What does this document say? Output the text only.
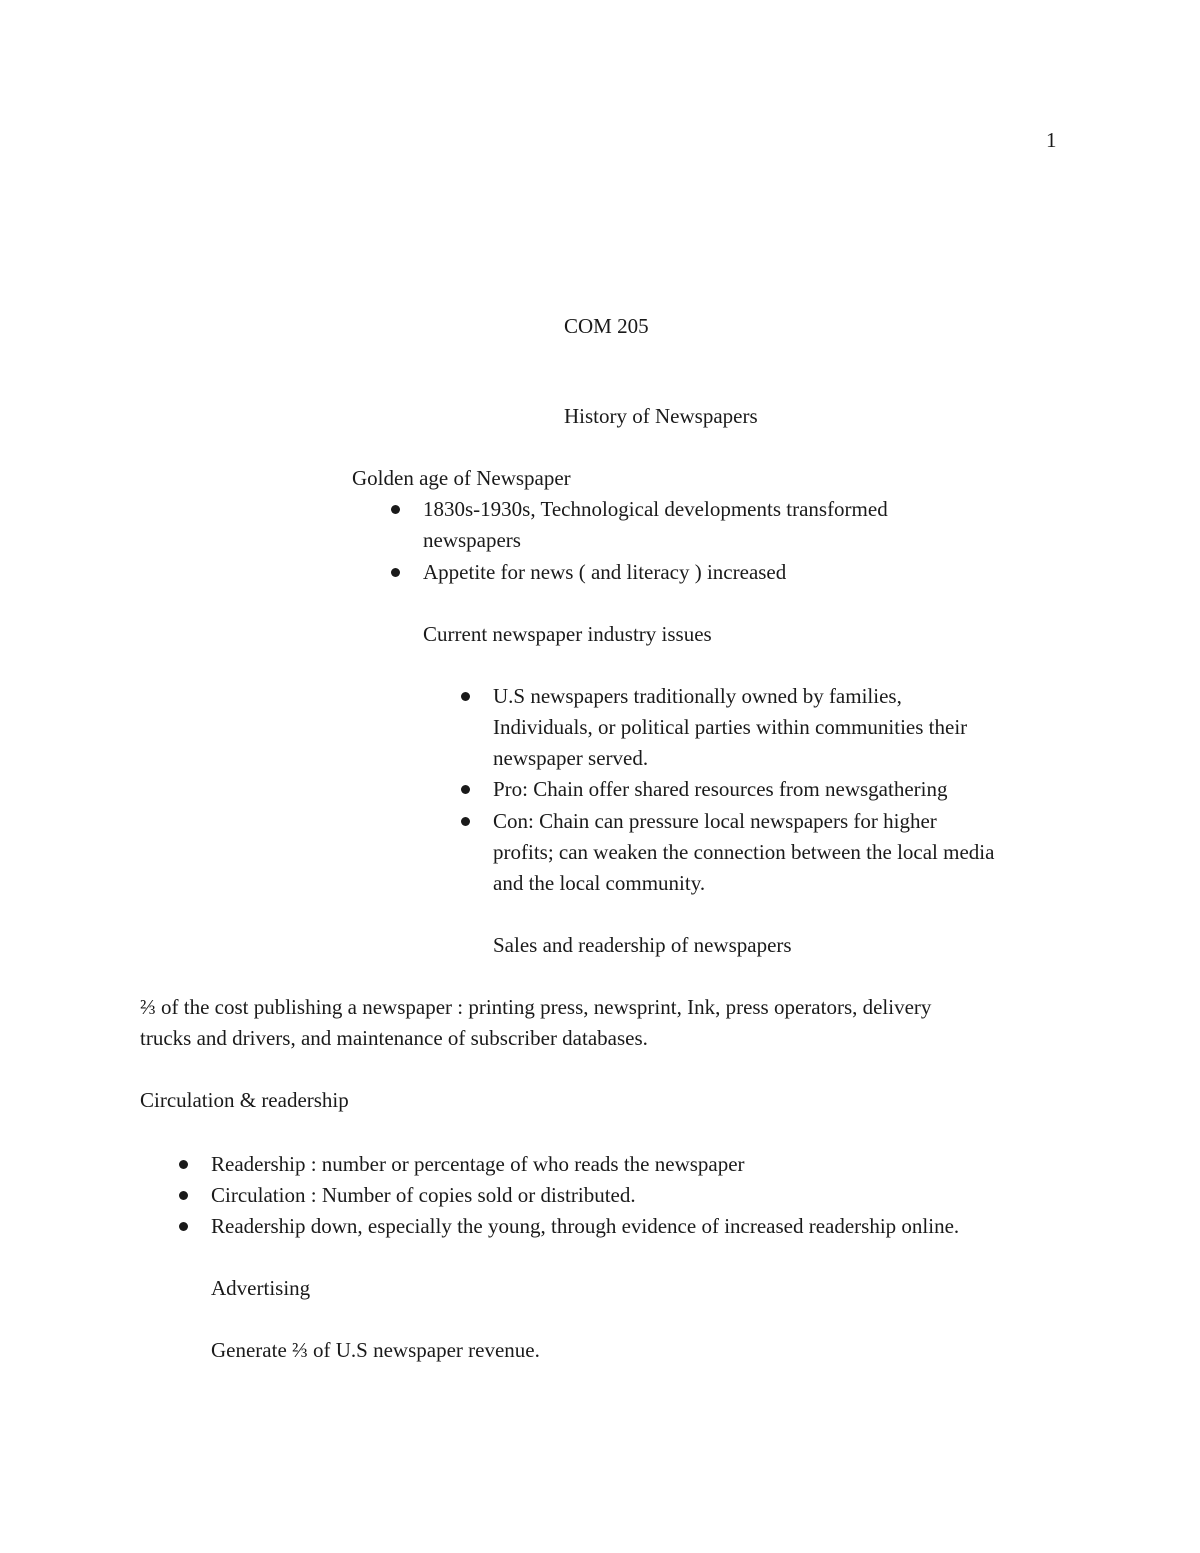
1
COM 205
History of Newspapers
Golden age of Newspaper
1830s-1930s, Technological developments transformed
newspapers
Appetite for news ( and literacy ) increased
Current newspaper industry issues
U.S newspapers traditionally owned by families,
Individuals, or political parties within communities their
newspaper served.
Pro: Chain offer shared resources from newsgathering
Con: Chain can pressure local newspapers for higher
profits; can weaken the connection between the local media
and the local community.
Sales and readership of newspapers
⅔ of the cost publishing a newspaper : printing press, newsprint, Ink, press operators, delivery
trucks and drivers, and maintenance of subscriber databases.
Circulation & readership
Readership : number or percentage of who reads the newspaper
Circulation : Number of copies sold or distributed.
Readership down, especially the young, through evidence of increased readership online.
Advertising
Generate ⅔ of U.S newspaper revenue.
